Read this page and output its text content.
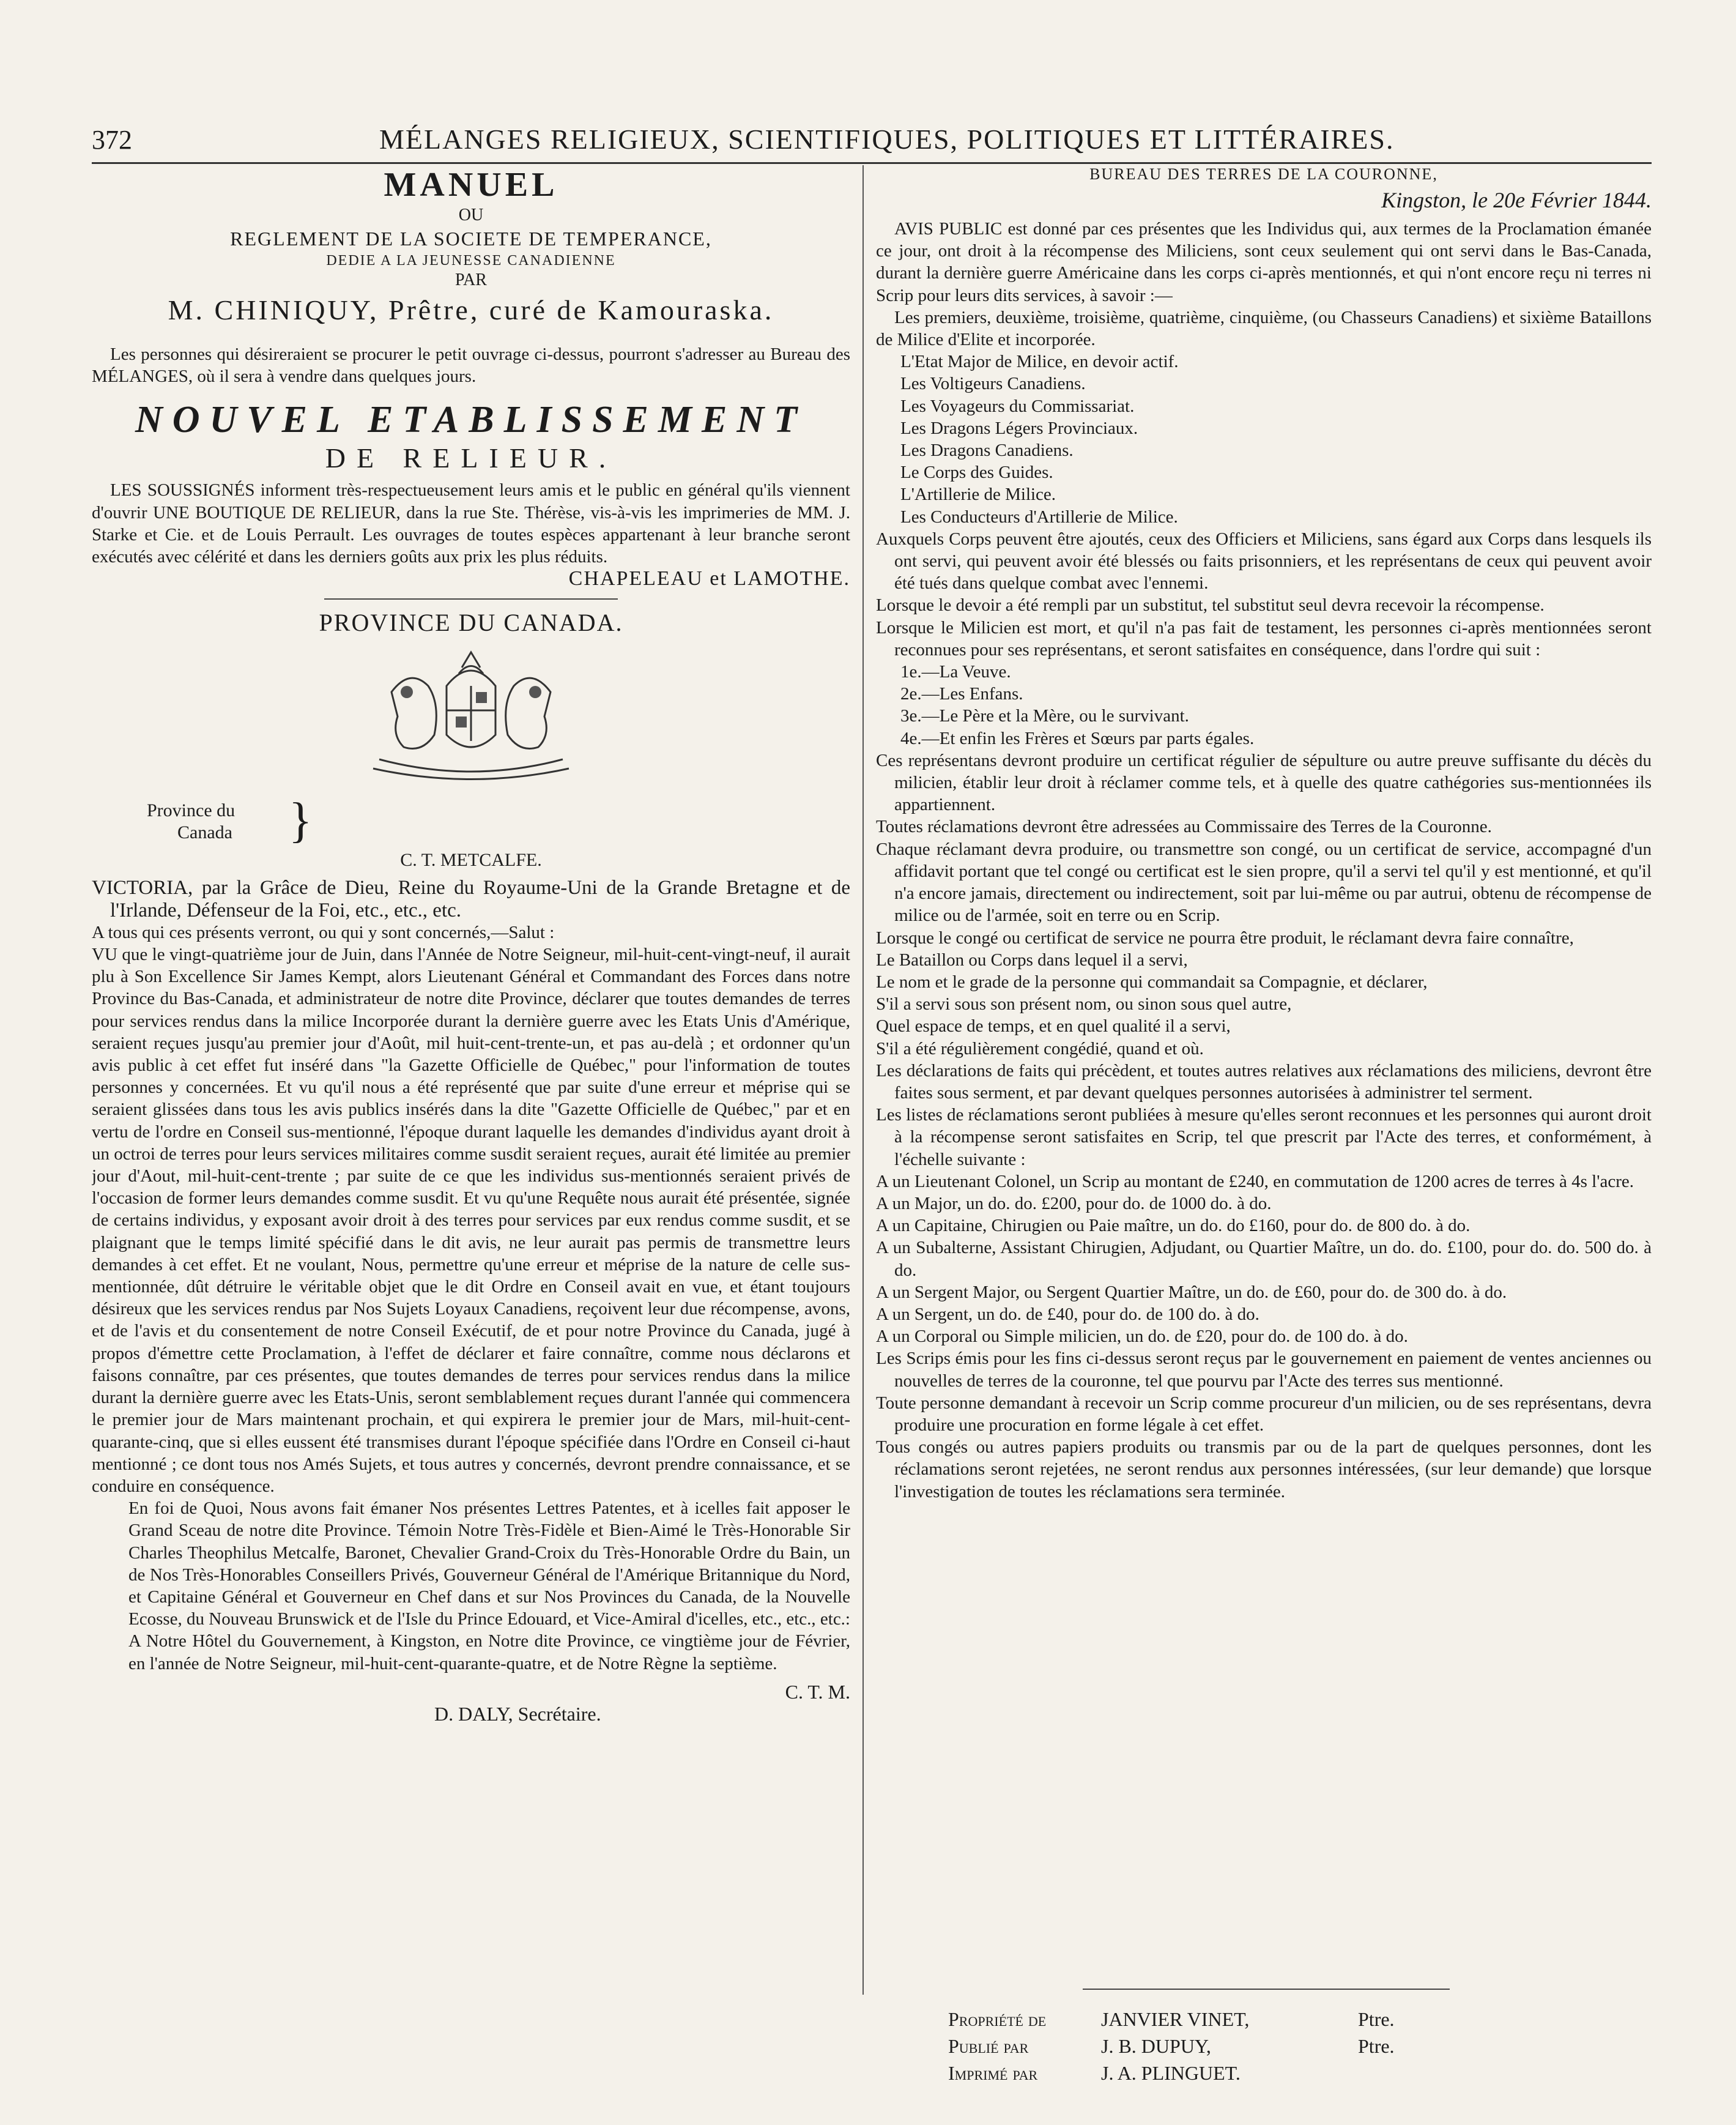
372	MÉLANGES RELIGIEUX, SCIENTIFIQUES, POLITIQUES ET LITTÉRAIRES.

MANUEL

OU

REGLEMENT DE LA SOCIETE DE TEMPERANCE,

DEDIE A LA JEUNESSE CANADIENNE

PAR

M. CHINIQUY, Prêtre, curé de Kamouraska.

Les personnes qui désireraient se procurer le petit ouvrage ci-dessus, pourront s'adresser au Bureau des MÉLANGES, où il sera à vendre dans quelques jours.

NOUVEL ETABLISSEMENT

DE RELIEUR.

LES SOUSSIGNÉS informent très-respectueusement leurs amis et le public en général qu'ils viennent d'ouvrir UNE BOUTIQUE DE RELIEUR, dans la rue Ste. Thérèse, vis-à-vis les imprimeries de MM. J. Starke et Cie. et de Louis Perrault. Les ouvrages de toutes espèces appartenant à leur branche seront exécutés avec célérité et dans les derniers goûts aux prix les plus réduits.

CHAPELEAU et LAMOTHE.

PROVINCE DU CANADA.

Province du
Canada	}

C. T. METCALFE.

VICTORIA, par la Grâce de Dieu, Reine du Royaume-Uni de la Grande Bretagne et de l'Irlande, Défenseur de la Foi, etc., etc., etc.

A tous qui ces présents verront, ou qui y sont concernés,—Salut :

VU que le vingt-quatrième jour de Juin, dans l'Année de Notre Seigneur, mil-huit-cent-vingt-neuf, il aurait plu à Son Excellence Sir James Kempt, alors Lieutenant Général et Commandant des Forces dans notre Province du Bas-Canada, et administrateur de notre dite Province, déclarer que toutes demandes de terres pour services rendus dans la milice Incorporée durant la dernière guerre avec les Etats Unis d'Amérique, seraient reçues jusqu'au premier jour d'Août, mil huit-cent-trente-un, et pas au-delà ; et ordonner qu'un avis public à cet effet fut inséré dans "la Gazette Officielle de Québec," pour l'information de toutes personnes y concernées. Et vu qu'il nous a été représenté que par suite d'une erreur et méprise qui se seraient glissées dans tous les avis publics insérés dans la dite "Gazette Officielle de Québec," par et en vertu de l'ordre en Conseil sus-mentionné, l'époque durant laquelle les demandes d'individus ayant droit à un octroi de terres pour leurs services militaires comme susdit seraient reçues, aurait été limitée au premier jour d'Aout, mil-huit-cent-trente ; par suite de ce que les individus sus-mentionnés seraient privés de l'occasion de former leurs demandes comme susdit. Et vu qu'une Requête nous aurait été présentée, signée de certains individus, y exposant avoir droit à des terres pour services par eux rendus comme susdit, et se plaignant que le temps limité spécifié dans le dit avis, ne leur aurait pas permis de transmettre leurs demandes à cet effet. Et ne voulant, Nous, permettre qu'une erreur et méprise de la nature de celle sus-mentionnée, dût détruire le véritable objet que le dit Ordre en Conseil avait en vue, et étant toujours désireux que les services rendus par Nos Sujets Loyaux Canadiens, reçoivent leur due récompense, avons, et de l'avis et du consentement de notre Conseil Exécutif, de et pour notre Province du Canada, jugé à propos d'émettre cette Proclamation, à l'effet de déclarer et faire connaître, comme nous déclarons et faisons connaître, par ces présentes, que toutes demandes de terres pour services rendus dans la milice durant la dernière guerre avec les Etats-Unis, seront semblablement reçues durant l'année qui commencera le premier jour de Mars maintenant prochain, et qui expirera le premier jour de Mars, mil-huit-cent-quarante-cinq, que si elles eussent été transmises durant l'époque spécifiée dans l'Ordre en Conseil ci-haut mentionné ; ce dont tous nos Amés Sujets, et tous autres y concernés, devront prendre connaissance, et se conduire en conséquence.

En foi de Quoi, Nous avons fait émaner Nos présentes Lettres Patentes, et à icelles fait apposer le Grand Sceau de notre dite Province. Témoin Notre Très-Fidèle et Bien-Aimé le Très-Honorable Sir Charles Theophilus Metcalfe, Baronet, Chevalier Grand-Croix du Très-Honorable Ordre du Bain, un de Nos Très-Honorables Conseillers Privés, Gouverneur Général de l'Amérique Britannique du Nord, et Capitaine Général et Gouverneur en Chef dans et sur Nos Provinces du Canada, de la Nouvelle Ecosse, du Nouveau Brunswick et de l'Isle du Prince Edouard, et Vice-Amiral d'icelles, etc., etc., etc.: A Notre Hôtel du Gouvernement, à Kingston, en Notre dite Province, ce vingtième jour de Février, en l'année de Notre Seigneur, mil-huit-cent-quarante-quatre, et de Notre Règne la septième.

C. T. M.

D. DALY, Secrétaire.

BUREAU DES TERRES DE LA COURONNE,

Kingston, le 20e Février 1844.

AVIS PUBLIC est donné par ces présentes que les Individus qui, aux termes de la Proclamation émanée ce jour, ont droit à la récompense des Miliciens, sont ceux seulement qui ont servi dans le Bas-Canada, durant la dernière guerre Américaine dans les corps ci-après mentionnés, et qui n'ont encore reçu ni terres ni Scrip pour leurs dits services, à savoir :—

Les premiers, deuxième, troisième, quatrième, cinquième, (ou Chasseurs Canadiens) et sixième Bataillons de Milice d'Elite et incorporée.

L'Etat Major de Milice, en devoir actif.

Les Voltigeurs Canadiens.

Les Voyageurs du Commissariat.

Les Dragons Légers Provinciaux.

Les Dragons Canadiens.

Le Corps des Guides.

L'Artillerie de Milice.

Les Conducteurs d'Artillerie de Milice.

Auxquels Corps peuvent être ajoutés, ceux des Officiers et Miliciens, sans égard aux Corps dans lesquels ils ont servi, qui peuvent avoir été blessés ou faits prisonniers, et les représentans de ceux qui peuvent avoir été tués dans quelque combat avec l'ennemi.

Lorsque le devoir a été rempli par un substitut, tel substitut seul devra recevoir la récompense.

Lorsque le Milicien est mort, et qu'il n'a pas fait de testament, les personnes ci-après mentionnées seront reconnues pour ses représentans, et seront satisfaites en conséquence, dans l'ordre qui suit :

1e.—La Veuve.

2e.—Les Enfans.

3e.—Le Père et la Mère, ou le survivant.

4e.—Et enfin les Frères et Sœurs par parts égales.

Ces représentans devront produire un certificat régulier de sépulture ou autre preuve suffisante du décès du milicien, établir leur droit à réclamer comme tels, et à quelle des quatre cathégories sus-mentionnées ils appartiennent.

Toutes réclamations devront être adressées au Commissaire des Terres de la Couronne.

Chaque réclamant devra produire, ou transmettre son congé, ou un certificat de service, accompagné d'un affidavit portant que tel congé ou certificat est le sien propre, qu'il a servi tel qu'il y est mentionné, et qu'il n'a encore jamais, directement ou indirectement, soit par lui-même ou par autrui, obtenu de récompense de milice ou de l'armée, soit en terre ou en Scrip.

Lorsque le congé ou certificat de service ne pourra être produit, le réclamant devra faire connaître,

Le Bataillon ou Corps dans lequel il a servi,

Le nom et le grade de la personne qui commandait sa Compagnie, et déclarer,

S'il a servi sous son présent nom, ou sinon sous quel autre,

Quel espace de temps, et en quel qualité il a servi,

S'il a été régulièrement congédié, quand et où.

Les déclarations de faits qui précèdent, et toutes autres relatives aux réclamations des miliciens, devront être faites sous serment, et par devant quelques personnes autorisées à administrer tel serment.

Les listes de réclamations seront publiées à mesure qu'elles seront reconnues et les personnes qui auront droit à la récompense seront satisfaites en Scrip, tel que prescrit par l'Acte des terres, et conformément, à l'échelle suivante :

A un Lieutenant Colonel, un Scrip au montant de £240, en commutation de 1200 acres de terres à 4s l'acre.

A un Major, un do. do. £200, pour do. de 1000 do. à do.

A un Capitaine, Chirugien ou Paie maître, un do. do £160, pour do. de 800 do. à do.

A un Subalterne, Assistant Chirugien, Adjudant, ou Quartier Maître, un do. do. £100, pour do. do. 500 do. à do.

A un Sergent Major, ou Sergent Quartier Maître, un do. de £60, pour do. de 300 do. à do.

A un Sergent, un do. de £40, pour do. de 100 do. à do.

A un Corporal ou Simple milicien, un do. de £20, pour do. de 100 do. à do.

Les Scrips émis pour les fins ci-dessus seront reçus par le gouvernement en paiement de ventes anciennes ou nouvelles de terres de la couronne, tel que pourvu par l'Acte des terres sus mentionné.

Toute personne demandant à recevoir un Scrip comme procureur d'un milicien, ou de ses représentans, devra produire une procuration en forme légale à cet effet.

Tous congés ou autres papiers produits ou transmis par ou de la part de quelques personnes, dont les réclamations seront rejetées, ne seront rendus aux personnes intéressées, (sur leur demande) que lorsque l'investigation de toutes les réclamations sera terminée.

Propriété de	JANVIER VINET,	Ptre.
Publié par	J. B. DUPUY,	Ptre.
Imprimé par	J. A. PLINGUET.
